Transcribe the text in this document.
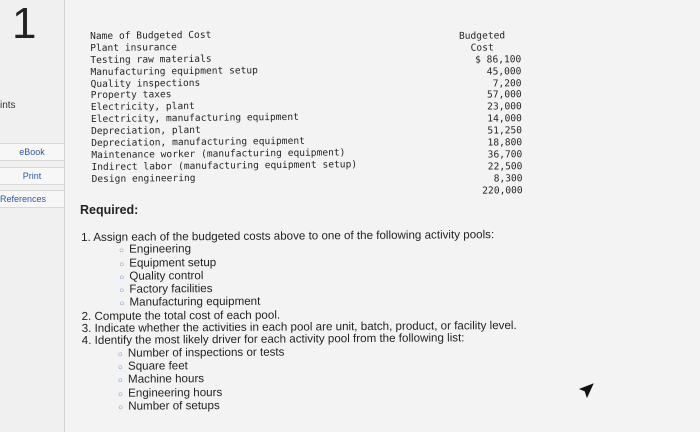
1
ints
eBook
Print
References
Name of Budgeted Cost
Plant insurance
Testing raw materials
Manufacturing equipment setup
Quality inspections
Property taxes
Electricity, plant
Electricity, manufacturing equipment
Depreciation, plant
Depreciation, manufacturing equipment
Maintenance worker (manufacturing equipment)
Indirect labor (manufacturing equipment setup)
Design engineering
Budgeted
Cost
$ 86,100
45,000
7,200
57,000
23,000
14,000
51,250
18,800
36,700
22,500
8,300
220,000
Required:
1. Assign each of the budgeted costs above to one of the following activity pools:
○ Engineering
○ Equipment setup
○ Quality control
○ Factory facilities
○ Manufacturing equipment
2. Compute the total cost of each pool.
3. Indicate whether the activities in each pool are unit, batch, product, or facility level.
4. Identify the most likely driver for each activity pool from the following list:
○ Number of inspections or tests
○ Square feet
○ Machine hours
○ Engineering hours
○ Number of setups
